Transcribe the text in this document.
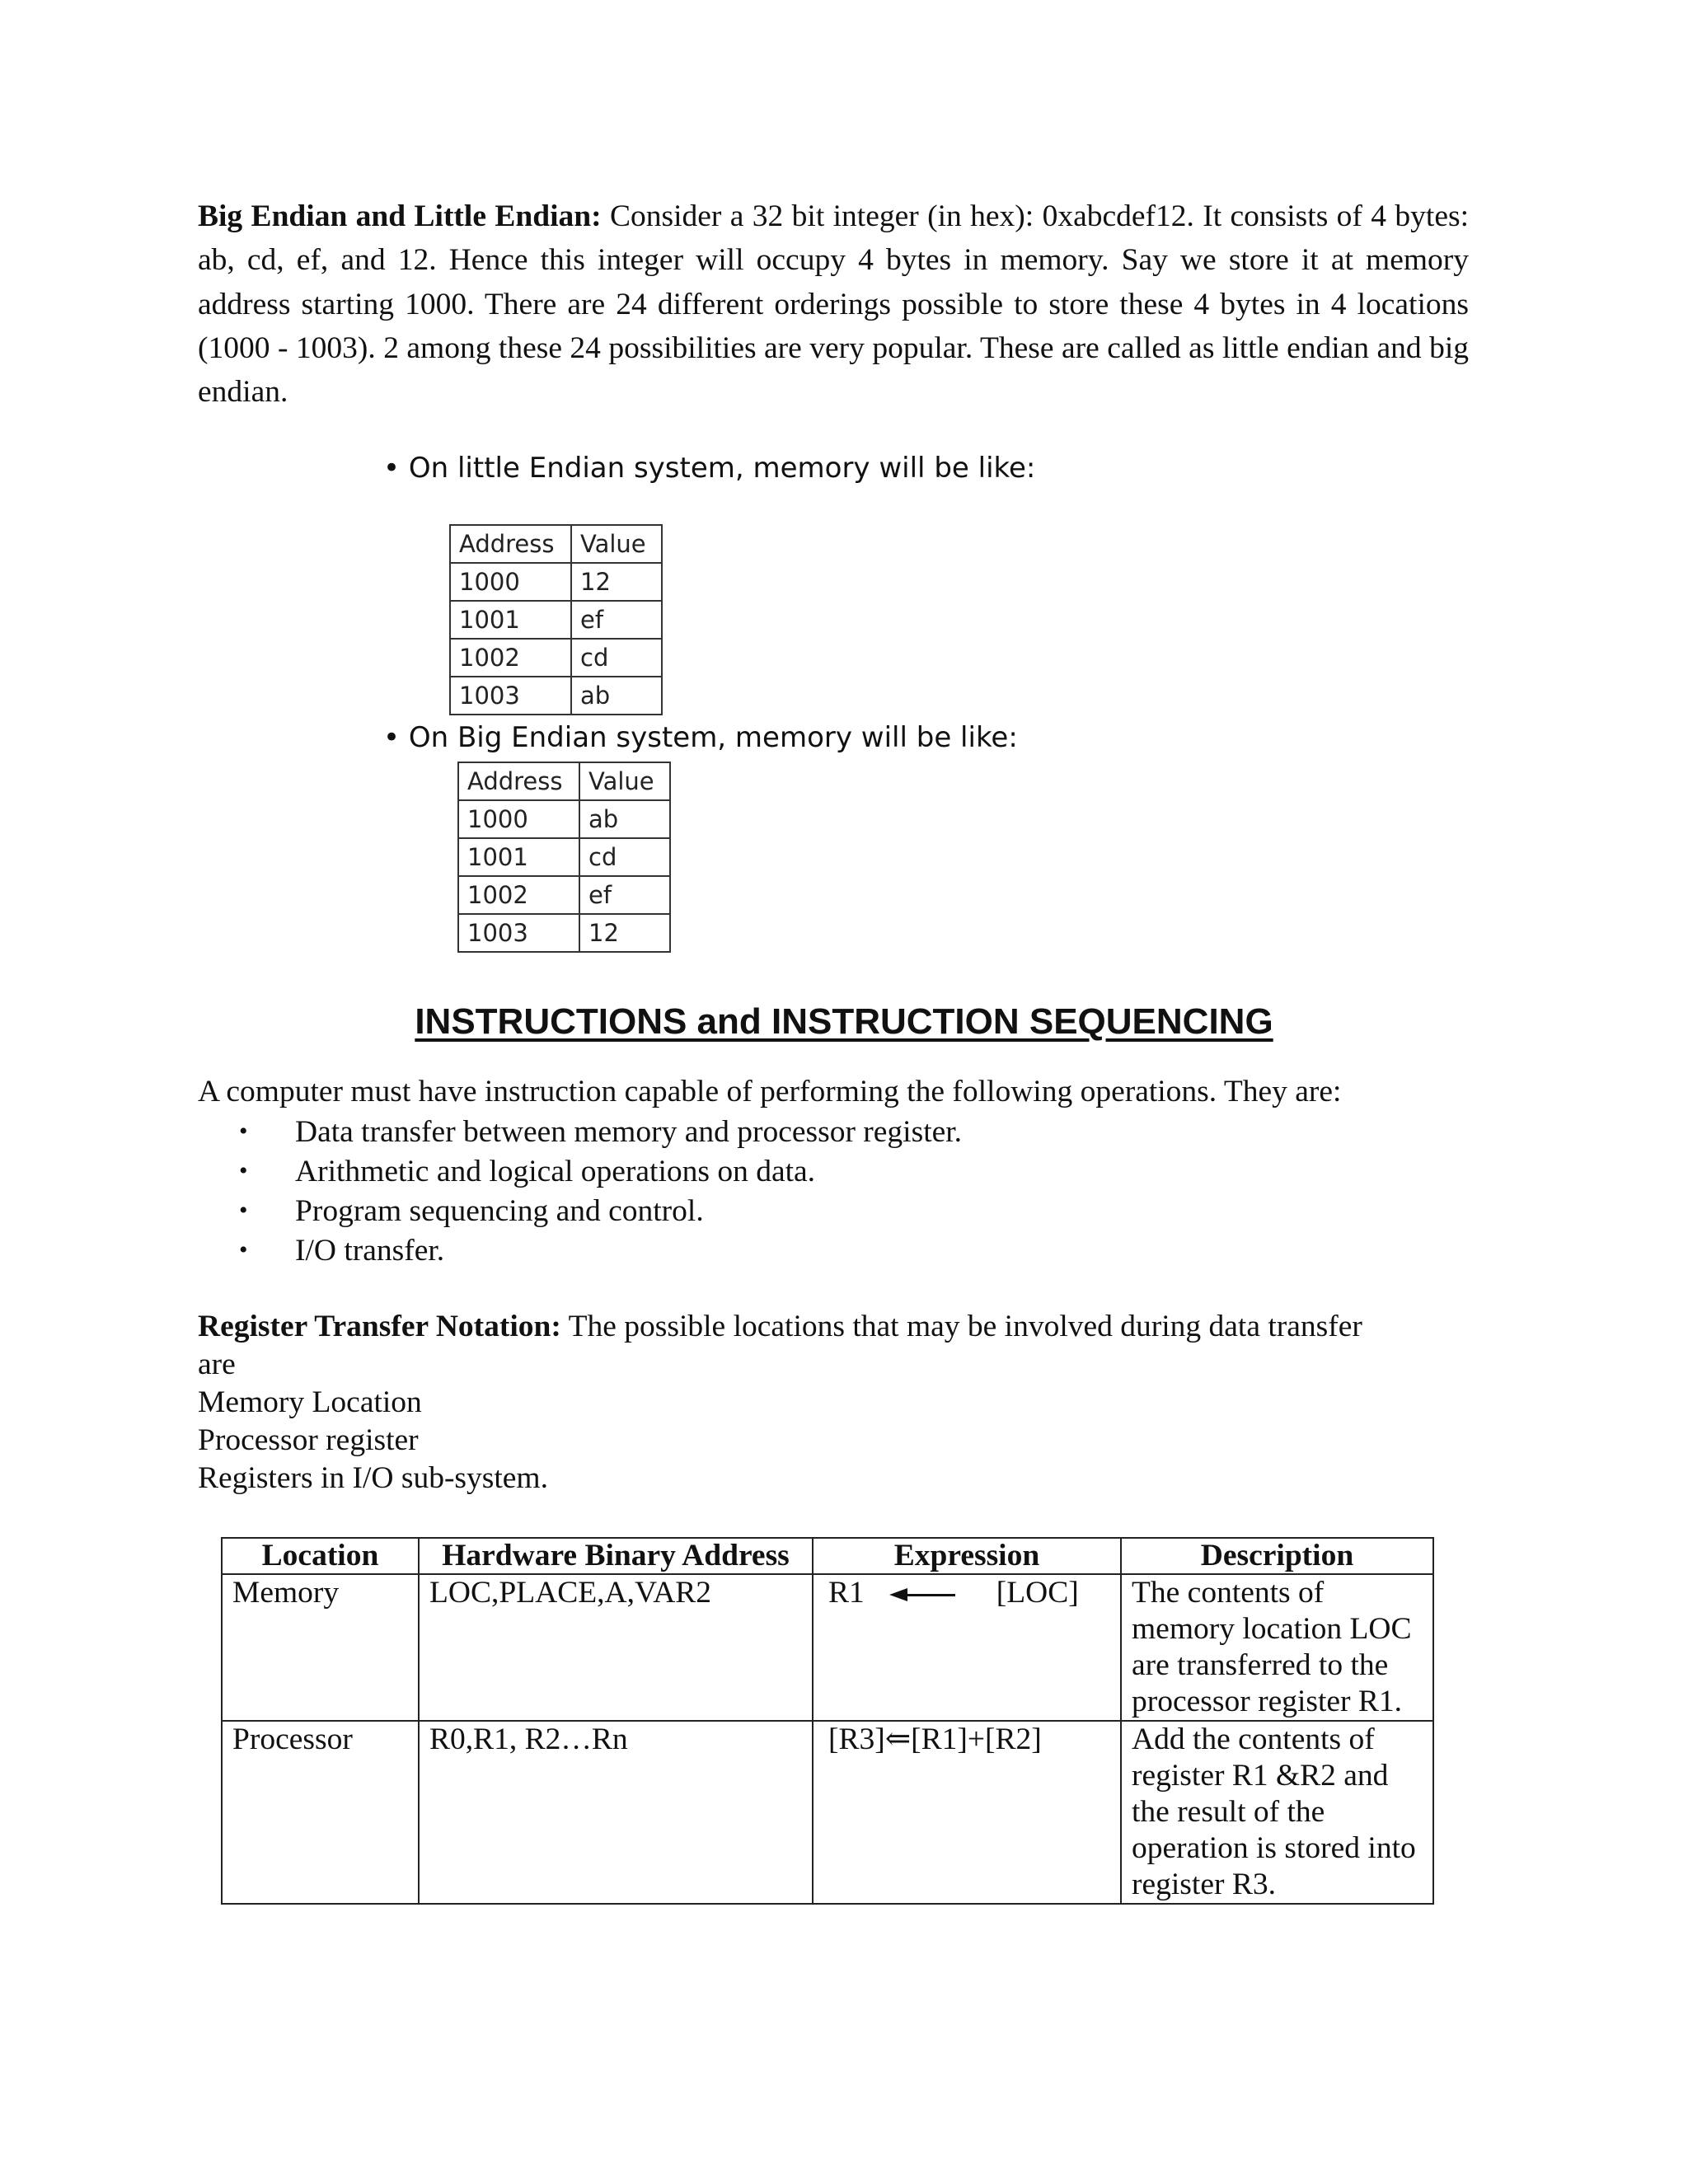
Big Endian and Little Endian: Consider a 32 bit integer (in hex): 0xabcdef12. It consists of 4 bytes: ab, cd, ef, and 12. Hence this integer will occupy 4 bytes in memory. Say we store it at memory address starting 1000. There are 24 different orderings possible to store these 4 bytes in 4 locations (1000 - 1003). 2 among these 24 possibilities are very popular. These are called as little endian and big endian.

• On little Endian system, memory will be like:
Address	Value
1000	12
1001	ef
1002	cd
1003	ab
• On Big Endian system, memory will be like:
Address	Value
1000	ab
1001	cd
1002	ef
1003	12
INSTRUCTIONS and INSTRUCTION SEQUENCING
A computer must have instruction capable of performing the following operations. They are:
• Data transfer between memory and processor register.
• Arithmetic and logical operations on data.
• Program sequencing and control.
• I/O transfer.
Register Transfer Notation: The possible locations that may be involved during data transfer
are
Memory Location
Processor register
Registers in I/O sub-system.
Location	Hardware Binary Address	Expression	Description
Memory	LOC,PLACE,A,VAR2	R1 [LOC]	The contents of
memory location LOC
are transferred to the
processor register R1.

Processor	R0,R1, R2…Rn	[R3]⇐[R1]+[R2]	Add the contents of
register R1 &R2 and
the result of the
operation is stored into
register R3.
